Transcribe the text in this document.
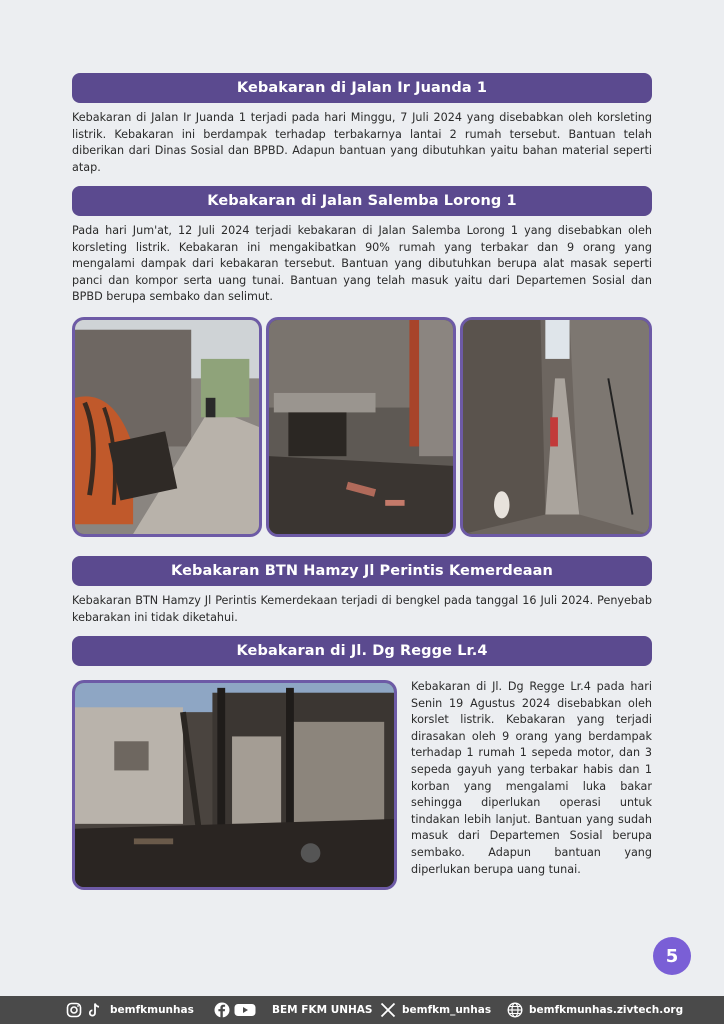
Kebakaran di Jalan Ir Juanda 1

Kebakaran di Jalan Ir Juanda 1 terjadi pada hari Minggu, 7 Juli 2024 yang disebabkan oleh korsleting listrik. Kebakaran ini berdampak terhadap terbakarnya lantai 2 rumah tersebut. Bantuan telah diberikan dari Dinas Sosial dan BPBD. Adapun bantuan yang dibutuhkan yaitu bahan material seperti atap.

Kebakaran di Jalan Salemba Lorong 1

Pada hari Jum'at, 12 Juli 2024 terjadi kebakaran di Jalan Salemba Lorong 1 yang disebabkan oleh korsleting listrik. Kebakaran ini mengakibatkan 90% rumah yang terbakar dan 9 orang yang mengalami dampak dari kebakaran tersebut. Bantuan yang dibutuhkan berupa alat masak seperti panci dan kompor serta uang tunai. Bantuan yang telah masuk yaitu dari Departemen Sosial dan BPBD berupa sembako dan selimut.

Kebakaran BTN Hamzy Jl Perintis Kemerdeaan

Kebakaran BTN Hamzy Jl Perintis Kemerdekaan terjadi di bengkel pada tanggal 16 Juli 2024. Penyebab kebarakan ini tidak diketahui.

Kebakaran di Jl. Dg Regge Lr.4

Kebakaran di Jl. Dg Regge Lr.4 pada hari Senin 19 Agustus 2024 disebabkan oleh korslet listrik. Kebakaran yang terjadi dirasakan oleh 9 orang yang berdampak terhadap 1 rumah 1 sepeda motor, dan 3 sepeda gayuh yang terbakar habis dan 1 korban yang mengalami luka bakar sehingga diperlukan operasi untuk tindakan lebih lanjut. Bantuan yang sudah masuk dari Departemen Sosial berupa sembako. Adapun bantuan yang diperlukan berupa uang tunai.

5
bemfkmunhas	BEM FKM UNHAS	bemfkm_unhas	bemfkmunhas.zivtech.org
